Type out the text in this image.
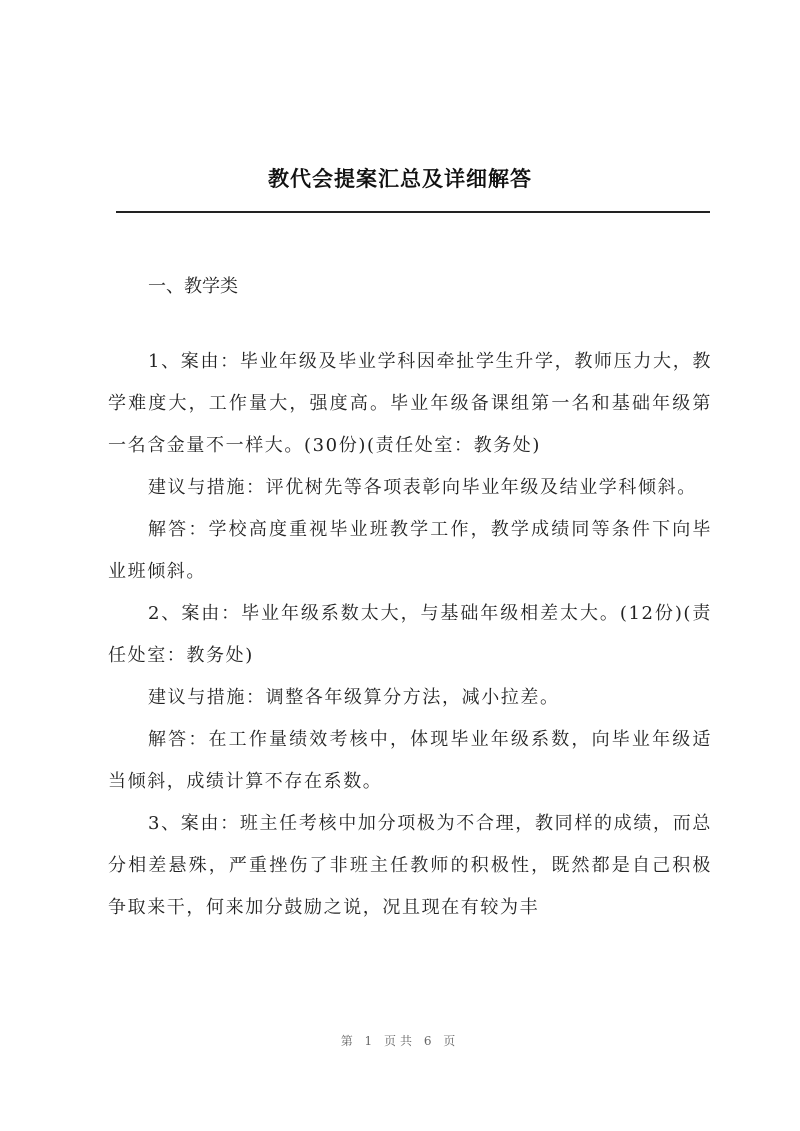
教代会提案汇总及详细解答
一、教学类

1、案由：毕业年级及毕业学科因牵扯学生升学，教师压力大，教学难度大，工作量大，强度高。毕业年级备课组第一名和基础年级第一名含金量不一样大。(30份)(责任处室：教务处)

建议与措施：评优树先等各项表彰向毕业年级及结业学科倾斜。

解答：学校高度重视毕业班教学工作，教学成绩同等条件下向毕业班倾斜。

2、案由：毕业年级系数太大，与基础年级相差太大。(12份)(责任处室：教务处)

建议与措施：调整各年级算分方法，减小拉差。

解答：在工作量绩效考核中，体现毕业年级系数，向毕业年级适当倾斜，成绩计算不存在系数。

3、案由：班主任考核中加分项极为不合理，教同样的成绩，而总分相差悬殊，严重挫伤了非班主任教师的积极性，既然都是自己积极争取来干，何来加分鼓励之说，况且现在有较为丰

第 1 页共 6 页
